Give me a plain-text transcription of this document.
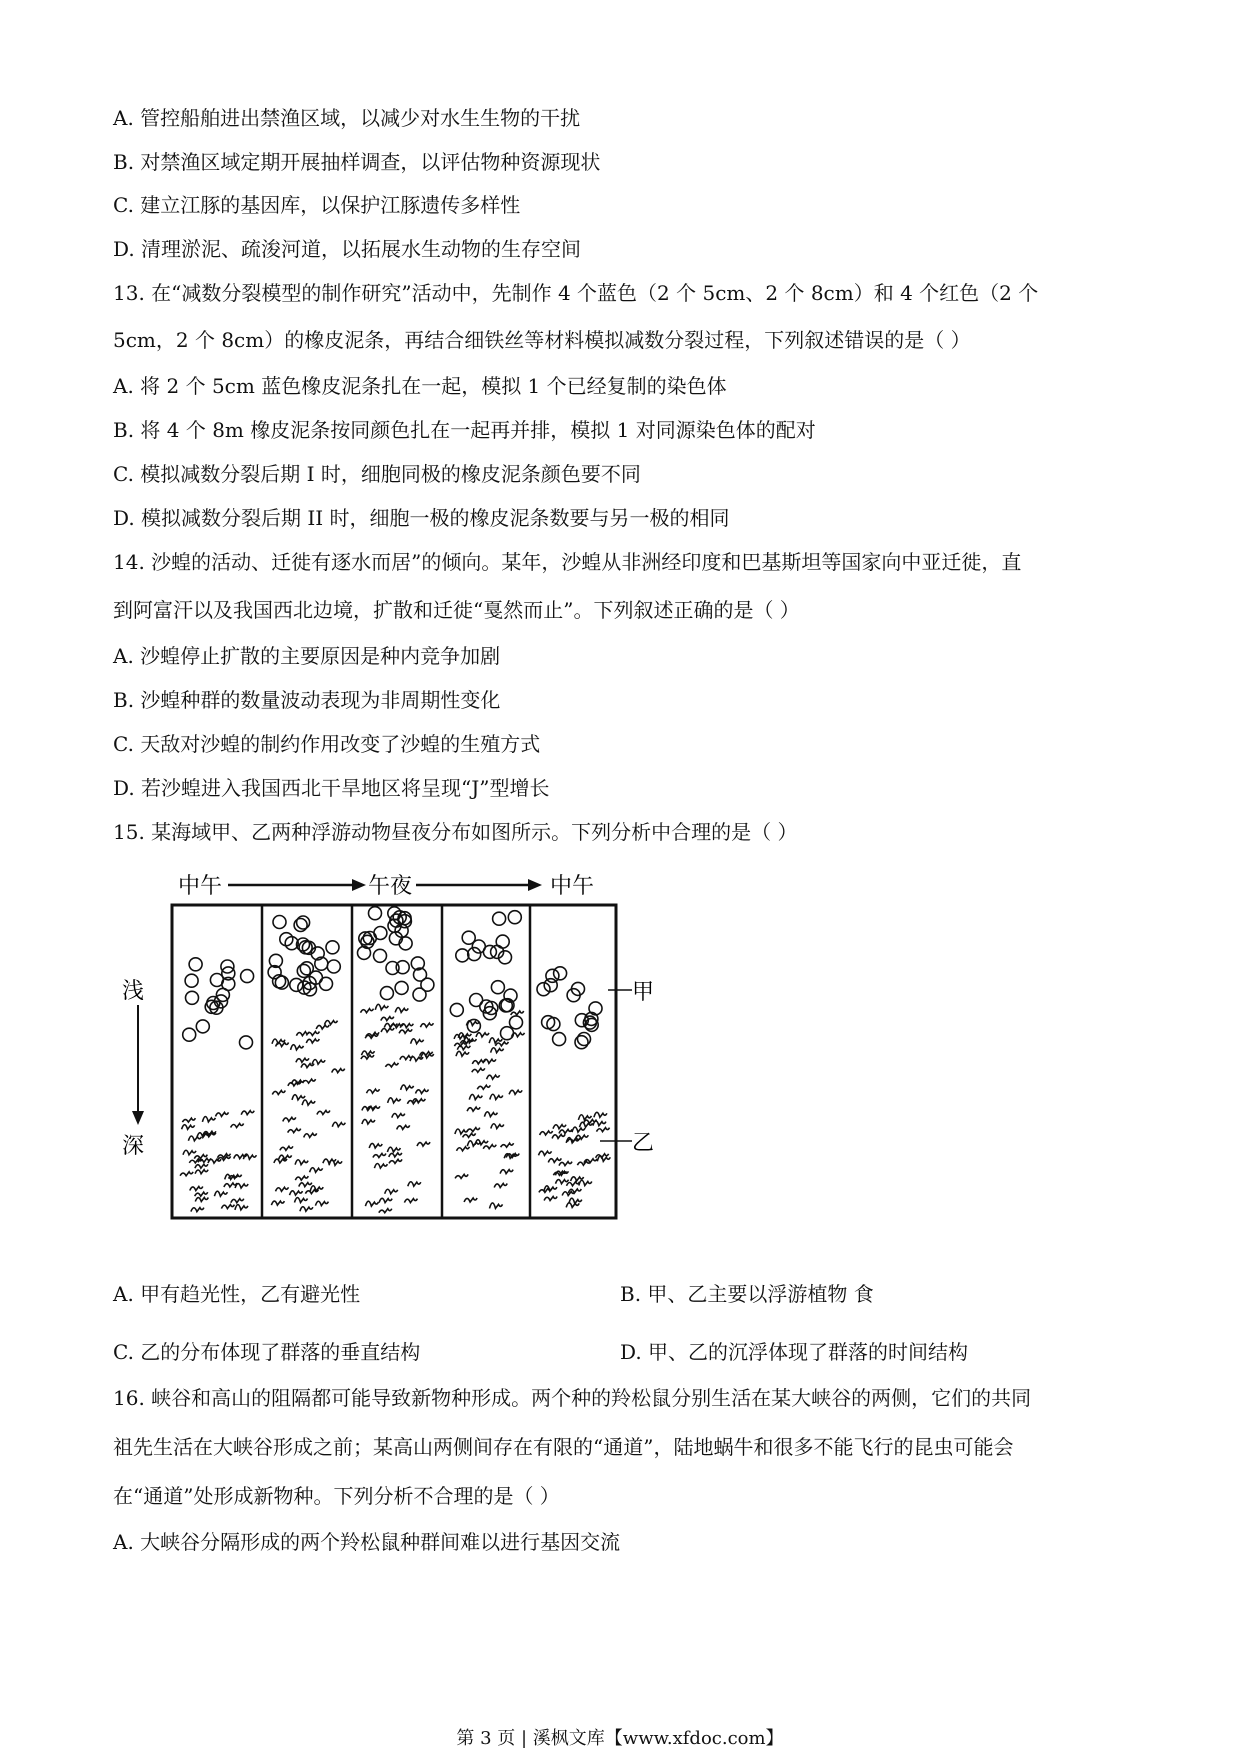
A. 管控船舶进出禁渔区域，以减少对水生生物的干扰
B. 对禁渔区域定期开展抽样调查，以评估物种资源现状
C. 建立江豚的基因库，以保护江豚遗传多样性
D. 清理淤泥、疏浚河道，以拓展水生动物的生存空间
13. 在“减数分裂模型的制作研究”活动中，先制作 4 个蓝色（2 个 5cm、2 个 8cm）和 4 个红色（2 个
5cm，2 个 8cm）的橡皮泥条，再结合细铁丝等材料模拟减数分裂过程，下列叙述错误的是（ ）
A. 将 2 个 5cm 蓝色橡皮泥条扎在一起，模拟 1 个已经复制的染色体
B. 将 4 个 8m 橡皮泥条按同颜色扎在一起再并排，模拟 1 对同源染色体的配对
C. 模拟减数分裂后期 I 时，细胞同极的橡皮泥条颜色要不同
D. 模拟减数分裂后期 II 时，细胞一极的橡皮泥条数要与另一极的相同
14. 沙蝗的活动、迁徙有逐水而居”的倾向。某年，沙蝗从非洲经印度和巴基斯坦等国家向中亚迁徙，直
到阿富汗以及我国西北边境，扩散和迁徙“戛然而止”。下列叙述正确的是（ ）
A. 沙蝗停止扩散的主要原因是种内竞争加剧
B. 沙蝗种群的数量波动表现为非周期性变化
C. 天敌对沙蝗的制约作用改变了沙蝗的生殖方式
D. 若沙蝗进入我国西北干旱地区将呈现“J”型增长
15. 某海域甲、乙两种浮游动物昼夜分布如图所示。下列分析中合理的是（ ）
中午	午夜	中午
浅
深
甲
乙
A. 甲有趋光性，乙有避光性	B. 甲、乙主要以浮游植物 食
C. 乙的分布体现了群落的垂直结构	D. 甲、乙的沉浮体现了群落的时间结构
16. 峡谷和高山的阻隔都可能导致新物种形成。两个种的羚松鼠分别生活在某大峡谷的两侧，它们的共同
祖先生活在大峡谷形成之前；某高山两侧间存在有限的“通道”，陆地蜗牛和很多不能飞行的昆虫可能会
在“通道”处形成新物种。下列分析不合理的是（ ）
A. 大峡谷分隔形成的两个羚松鼠种群间难以进行基因交流
第 3 页 | 溪枫文库【www.xfdoc.com】
